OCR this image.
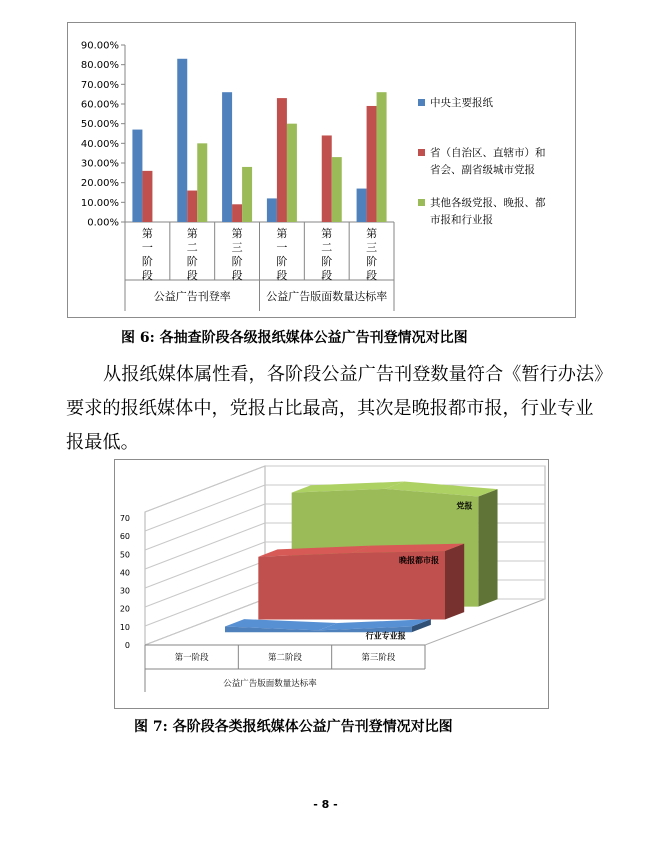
90.00%
80.00%
70.00%
60.00%
50.00%
40.00%
30.00%
20.00%
10.00%
0.00%
第
一
阶
段
第
二
阶
段
第
三
阶
段
第
一
阶
段
第
二
阶
段
第
三
阶
段
公益广告刊登率	公益广告版面数量达标率
中央主要报纸
省（自治区、直辖市）和
省会、副省级城市党报
其他各级党报、晚报、都
市报和行业报
图 6: 各抽查阶段各级报纸媒体公益广告刊登情况对比图
从报纸媒体属性看，各阶段公益广告刊登数量符合《暂行办法》
要求的报纸媒体中，党报占比最高，其次是晚报都市报，行业专业
报最低。
70
60
50
40
30
20
10
0
党报
晚报都市报
行业专业报
第一阶段	第二阶段	第三阶段
公益广告版面数量达标率
图 7: 各阶段各类报纸媒体公益广告刊登情况对比图
- 8 -
